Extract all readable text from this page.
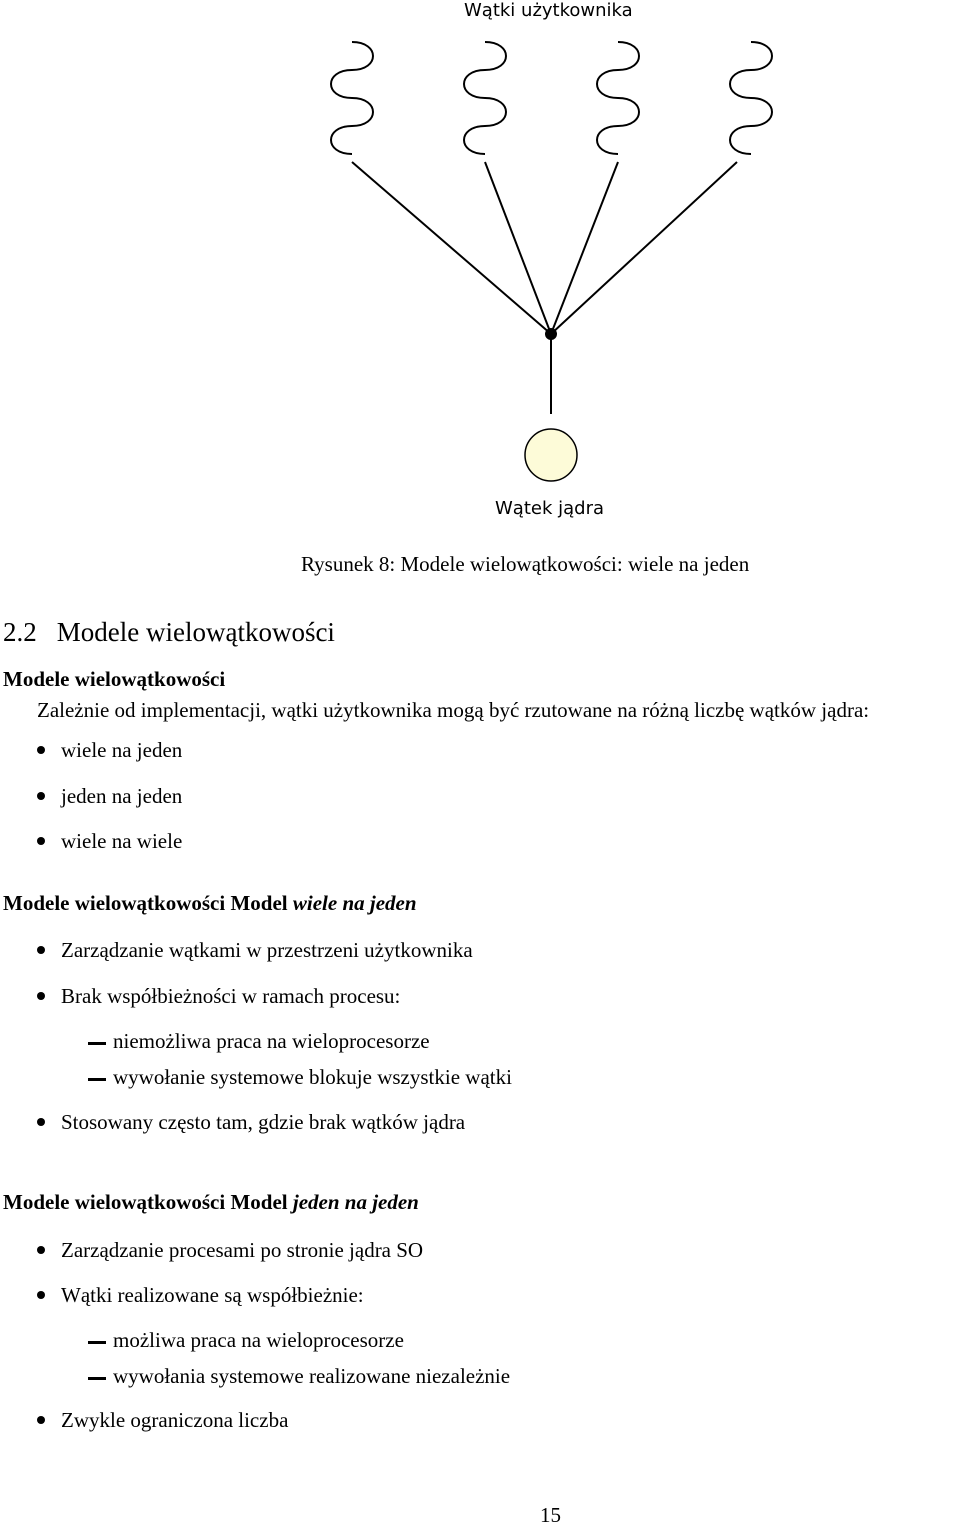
Wątki użytkownika
Wątek jądra
Rysunek 8: Modele wielowątkowości: wiele na jeden
2.2 Modele wielowątkowości
Modele wielowątkowości
Zależnie od implementacji, wątki użytkownika mogą być rzutowane na różną liczbę wątków jądra:
wiele na jeden
jeden na jeden
wiele na wiele
Modele wielowątkowości Model wiele na jeden
Zarządzanie wątkami w przestrzeni użytkownika
Brak współbieżności w ramach procesu:
niemożliwa praca na wieloprocesorze
wywołanie systemowe blokuje wszystkie wątki
Stosowany często tam, gdzie brak wątków jądra
Modele wielowątkowości Model jeden na jeden
Zarządzanie procesami po stronie jądra SO
Wątki realizowane są współbieżnie:
możliwa praca na wieloprocesorze
wywołania systemowe realizowane niezależnie
Zwykle ograniczona liczba
15
